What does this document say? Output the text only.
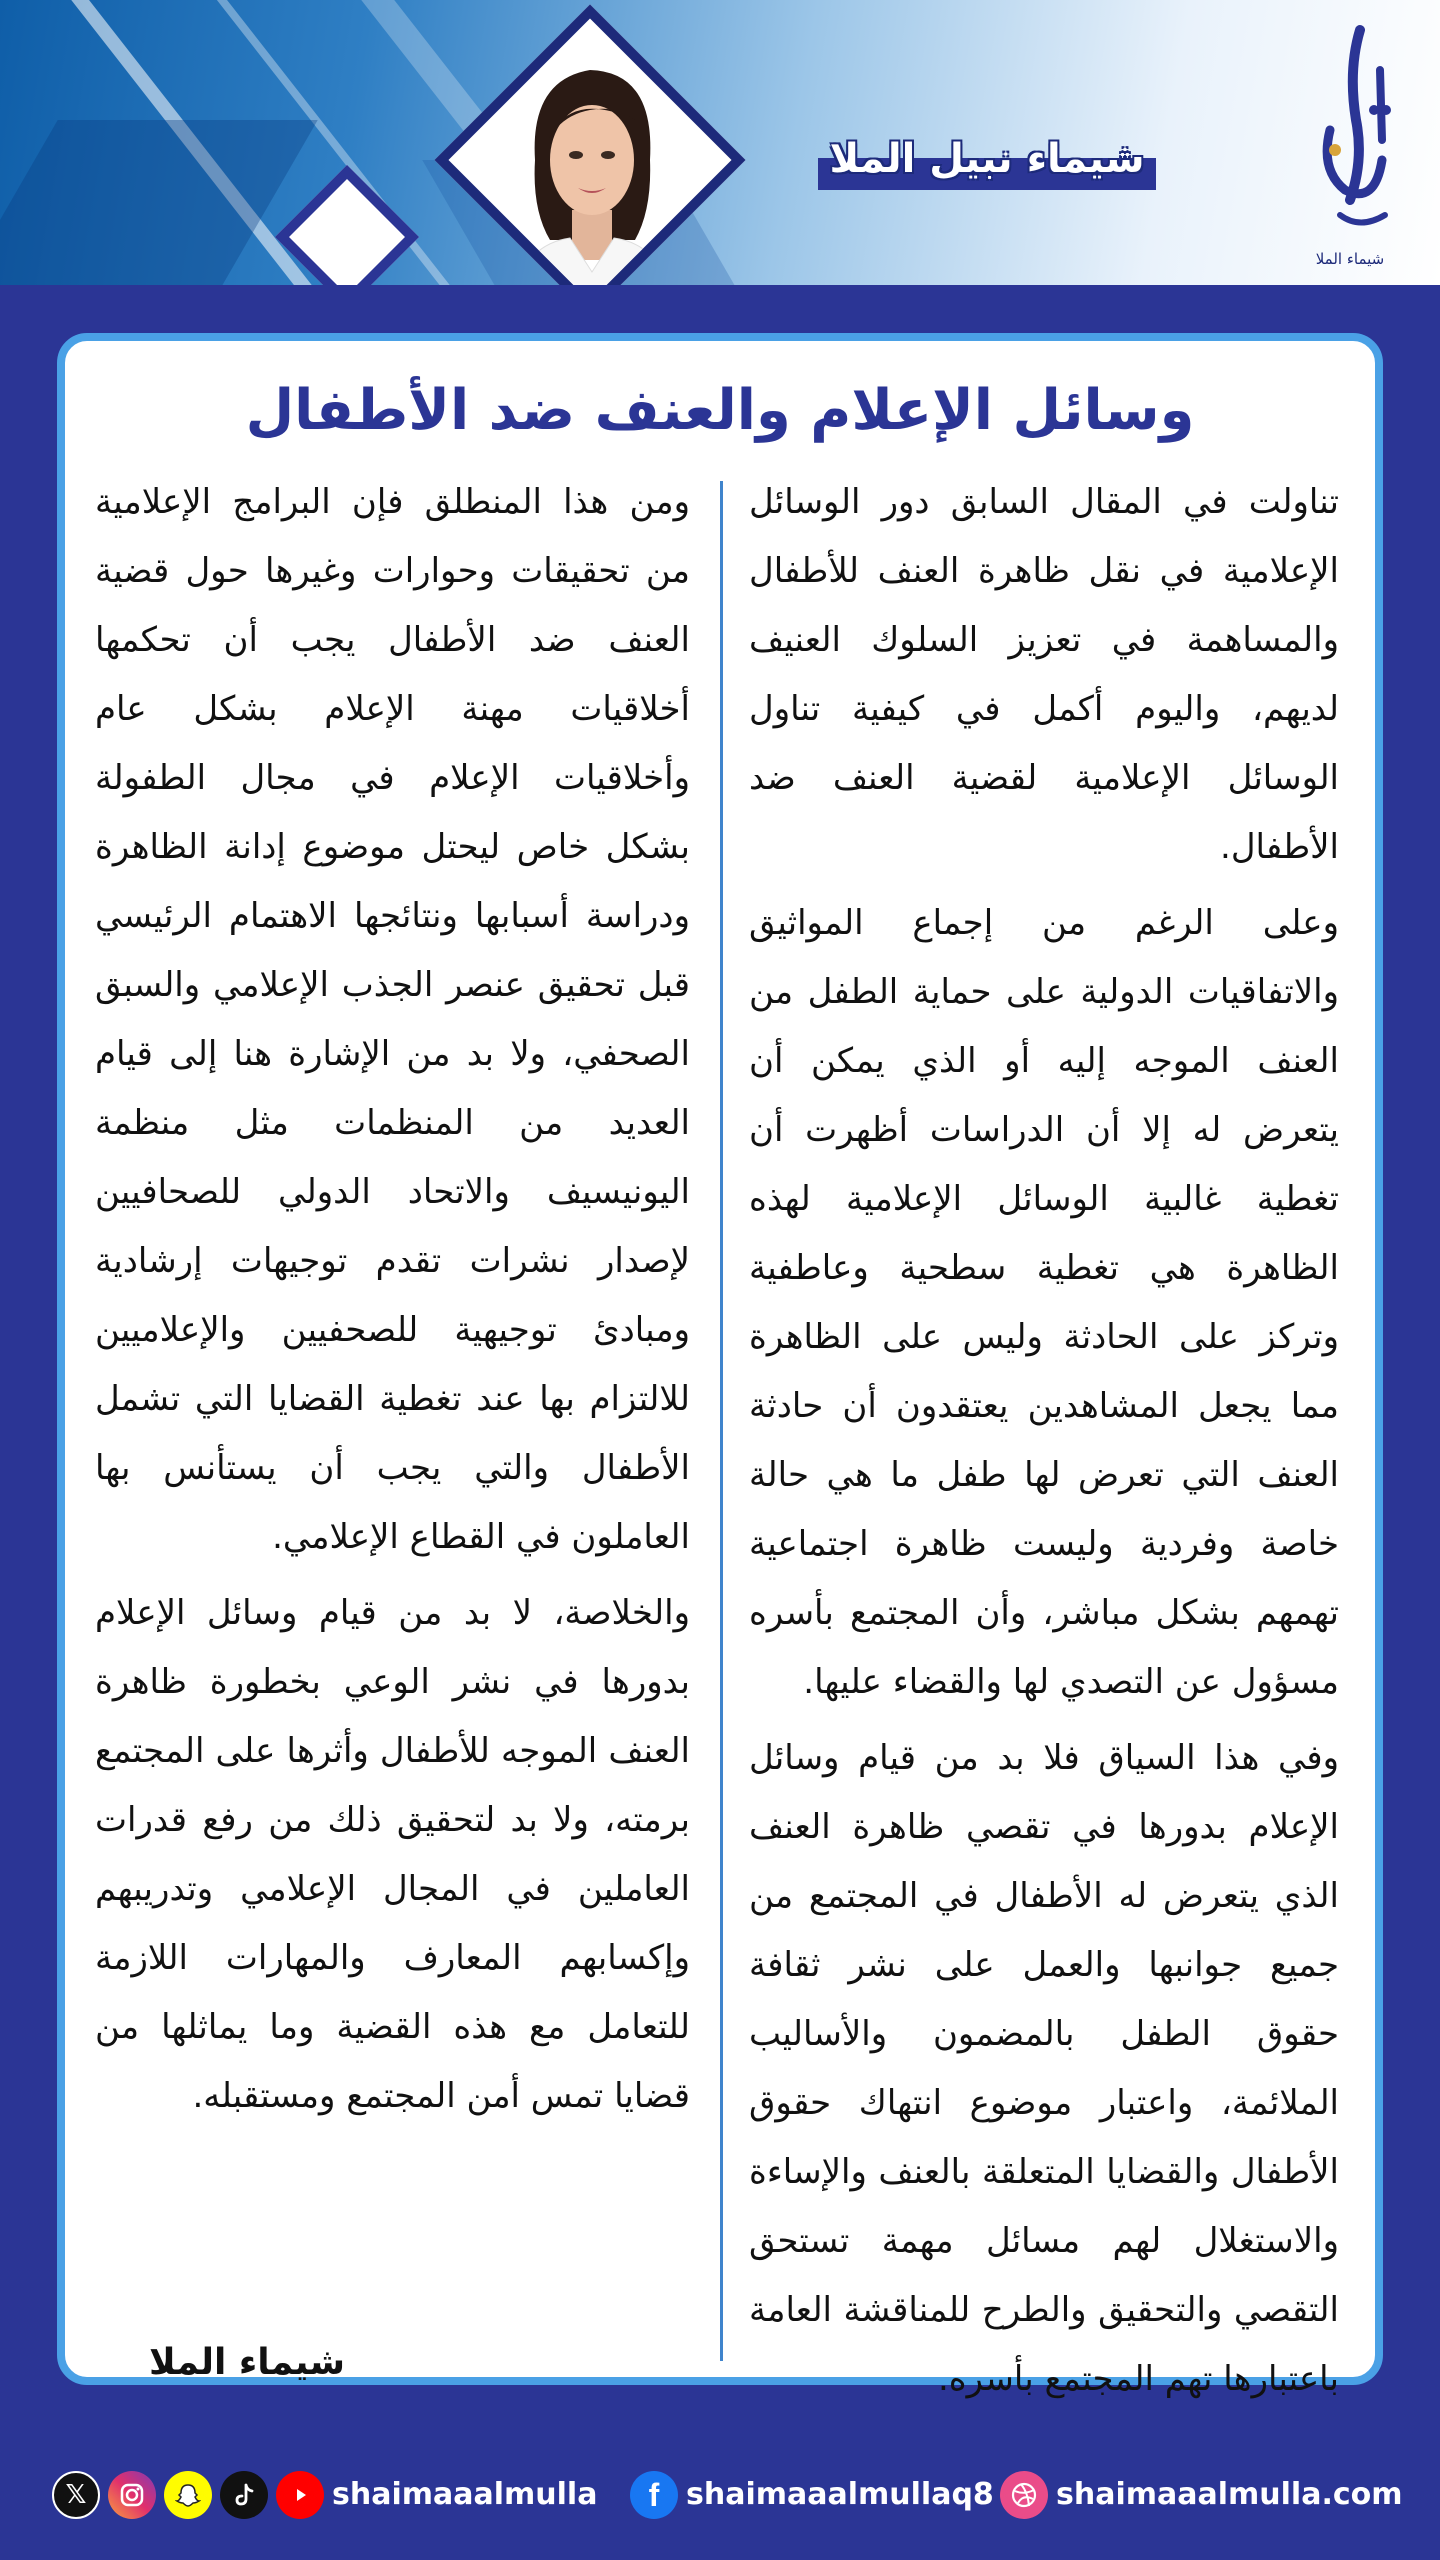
شيماء نبيل الملا
شيماء الملا
وسائل الإعلام والعنف ضد الأطفال

تناولت في المقال السابق دور الوسائل الإعلامية في نقل ظاهرة العنف للأطفال والمساهمة في تعزيز السلوك العنيف لديهم، واليوم أكمل في كيفية تناول الوسائل الإعلامية لقضية العنف ضد الأطفال.

وعلى الرغم من إجماع المواثيق والاتفاقيات الدولية على حماية الطفل من العنف الموجه إليه أو الذي يمكن أن يتعرض له إلا أن الدراسات أظهرت أن تغطية غالبية الوسائل الإعلامية لهذه الظاهرة هي تغطية سطحية وعاطفية وتركز على الحادثة وليس على الظاهرة مما يجعل المشاهدين يعتقدون أن حادثة العنف التي تعرض لها طفل ما هي حالة خاصة وفردية وليست ظاهرة اجتماعية تهمهم بشكل مباشر، وأن المجتمع بأسره مسؤول عن التصدي لها والقضاء عليها.

وفي هذا السياق فلا بد من قيام وسائل الإعلام بدورها في تقصي ظاهرة العنف الذي يتعرض له الأطفال في المجتمع من جميع جوانبها والعمل على نشر ثقافة حقوق الطفل بالمضمون والأساليب الملائمة، واعتبار موضوع انتهاك حقوق الأطفال والقضايا المتعلقة بالعنف والإساءة والاستغلال لهم مسائل مهمة تستحق التقصي والتحقيق والطرح للمناقشة العامة باعتبارها تهم المجتمع بأسره.

ومن هذا المنطلق فإن البرامج الإعلامية من تحقيقات وحوارات وغيرها حول قضية العنف ضد الأطفال يجب أن تحكمها أخلاقيات مهنة الإعلام بشكل عام وأخلاقيات الإعلام في مجال الطفولة بشكل خاص ليحتل موضوع إدانة الظاهرة ودراسة أسبابها ونتائجها الاهتمام الرئيسي قبل تحقيق عنصر الجذب الإعلامي والسبق الصحفي، ولا بد من الإشارة هنا إلى قيام العديد من المنظمات مثل منظمة اليونيسيف والاتحاد الدولي للصحافيين لإصدار نشرات تقدم توجيهات إرشادية ومبادئ توجيهية للصحفيين والإعلاميين للالتزام بها عند تغطية القضايا التي تشمل الأطفال والتي يجب أن يستأنس بها العاملون في القطاع الإعلامي.

والخلاصة، لا بد من قيام وسائل الإعلام بدورها في نشر الوعي بخطورة ظاهرة العنف الموجه للأطفال وأثرها على المجتمع برمته، ولا بد لتحقيق ذلك من رفع قدرات العاملين في المجال الإعلامي وتدريبهم وإكسابهم المعارف والمهارات اللازمة للتعامل مع هذه القضية وما يماثلها من قضايا تمس أمن المجتمع ومستقبله.

شيماء الملا
𝕏	shaimaaalmulla	f shaimaaalmullaq8 shaimaaalmulla.com
